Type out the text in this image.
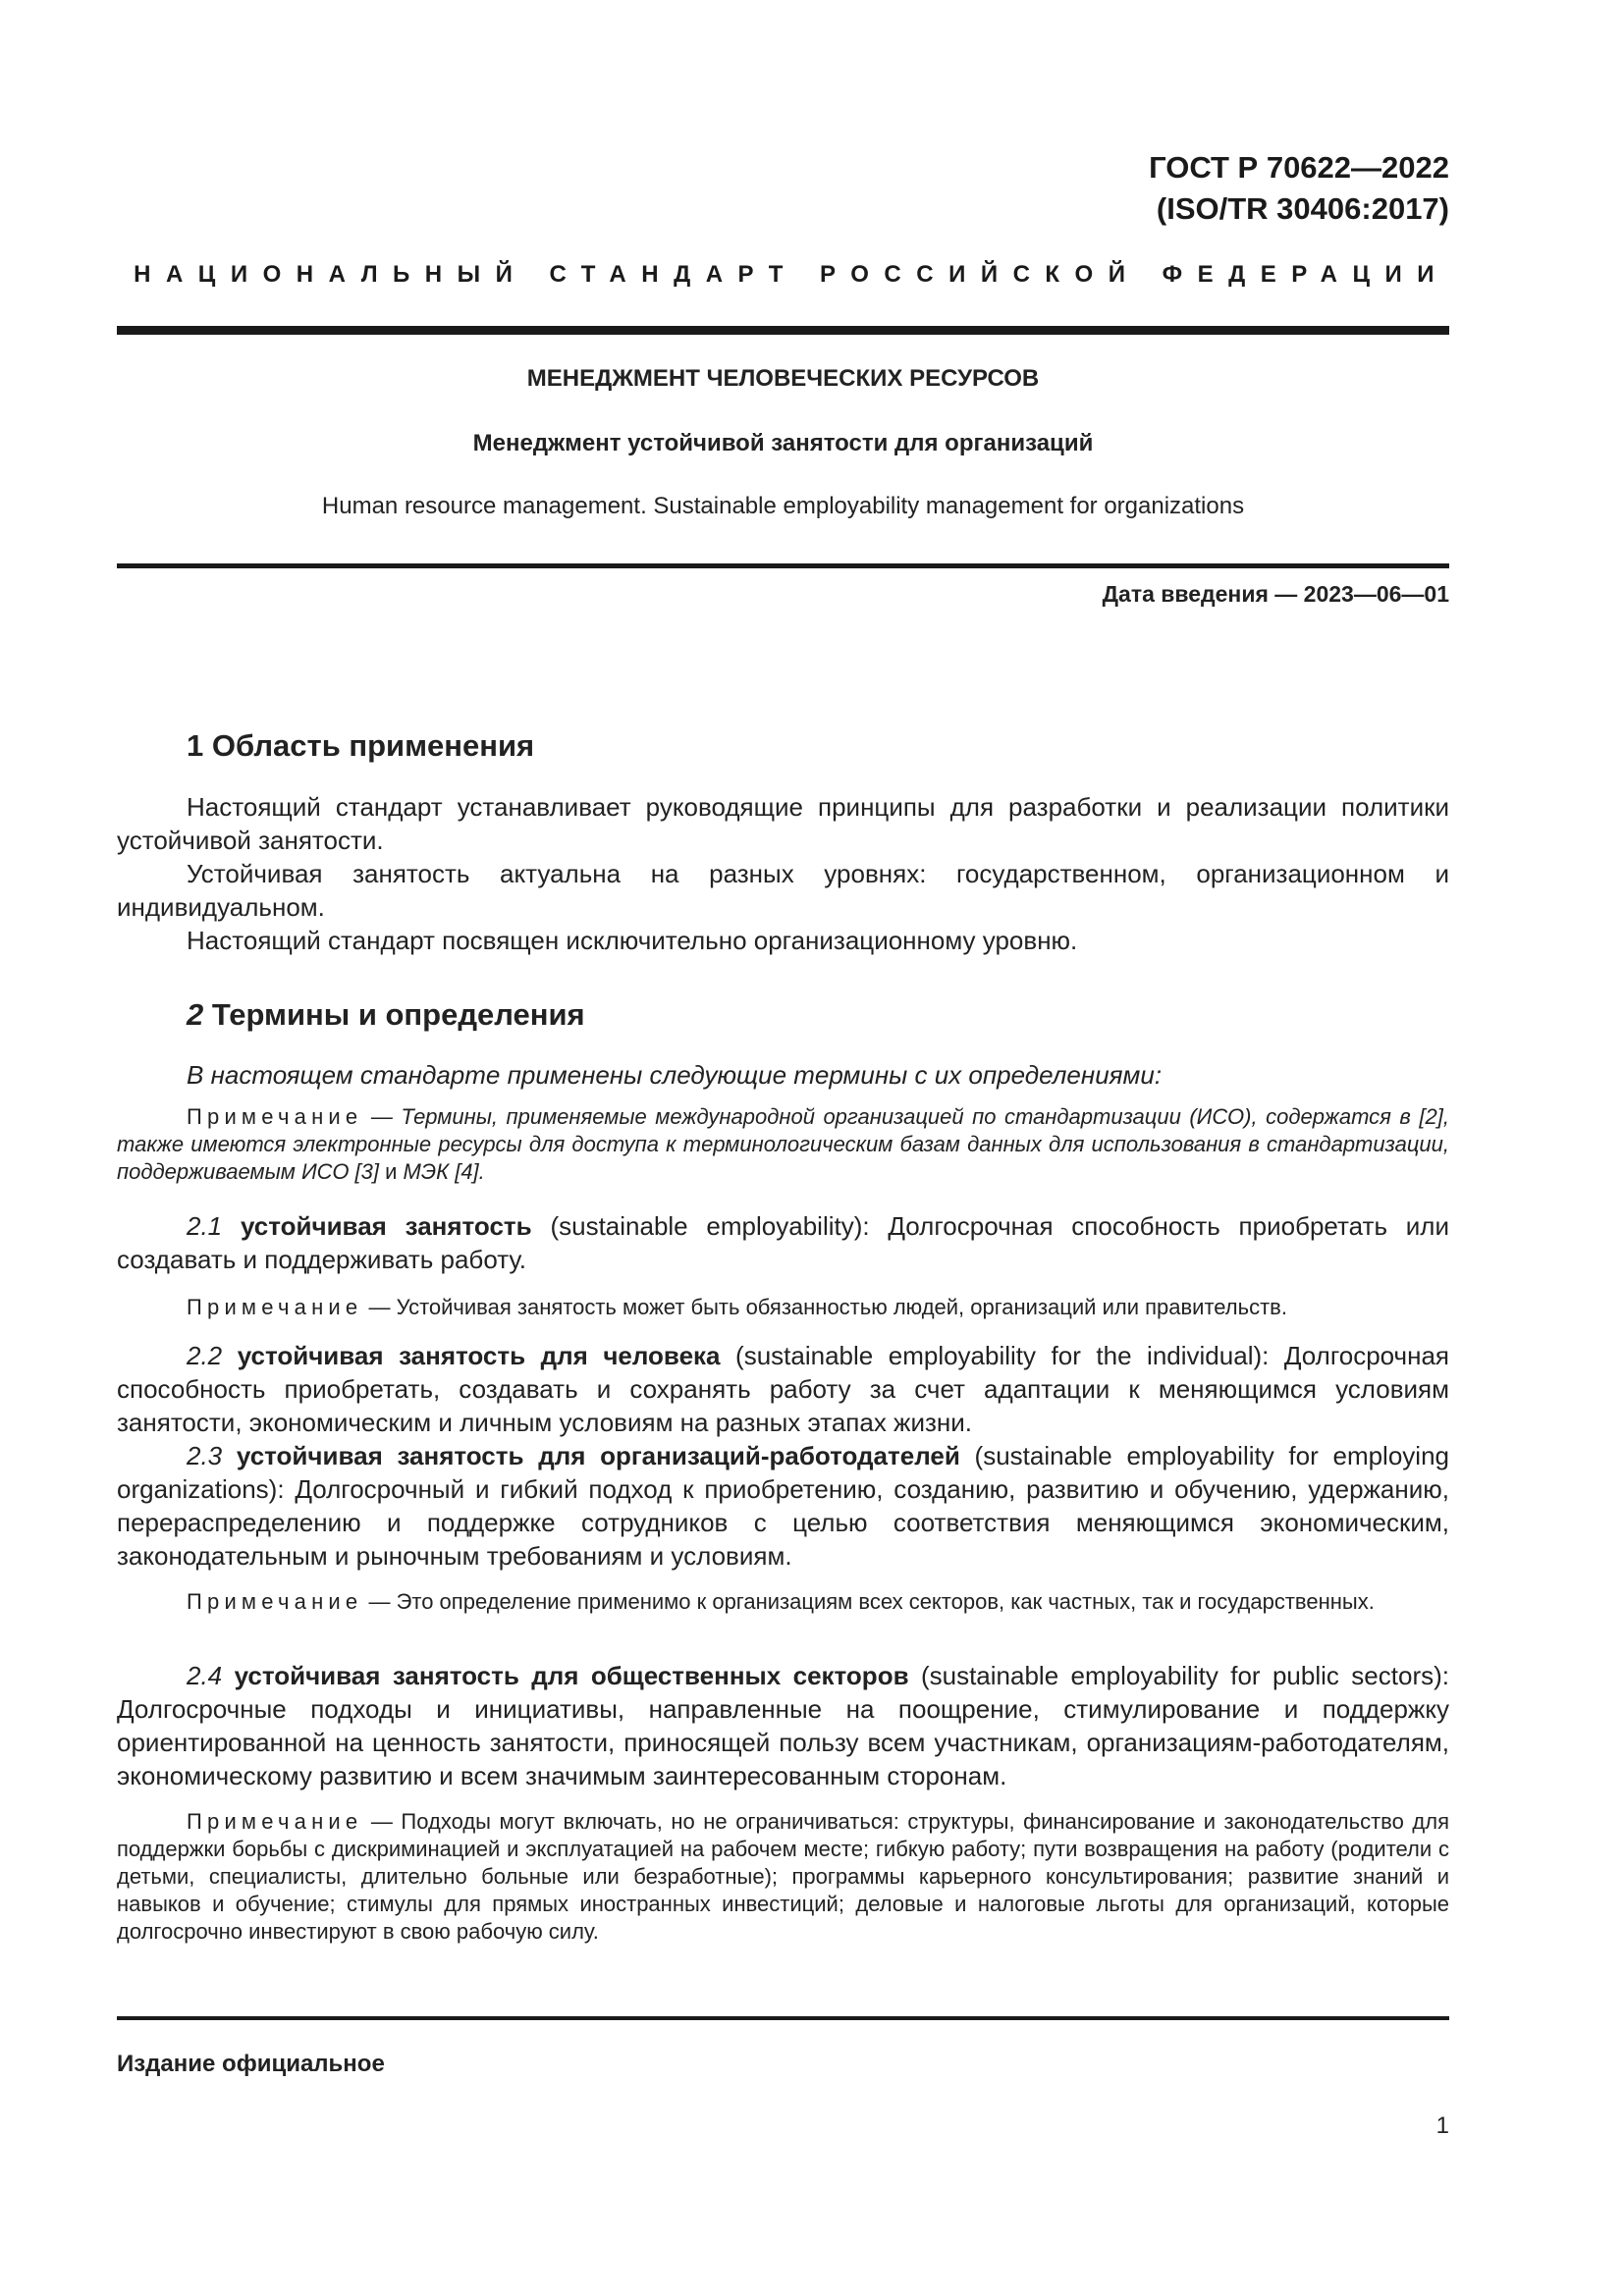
ГОСТ Р 70622—2022
(ISO/TR 30406:2017)
НАЦИОНАЛЬНЫЙ СТАНДАРТ РОССИЙСКОЙ ФЕДЕРАЦИИ
МЕНЕДЖМЕНТ ЧЕЛОВЕЧЕСКИХ РЕСУРСОВ
Менеджмент устойчивой занятости для организаций
Human resource management. Sustainable employability management for organizations
Дата введения — 2023—06—01
1 Область применения

Настоящий стандарт устанавливает руководящие принципы для разработки и реализации политики устойчивой занятости.

Устойчивая занятость актуальна на разных уровнях: государственном, организационном и индивидуальном.

Настоящий стандарт посвящен исключительно организационному уровню.

2 Термины и определения

В настоящем стандарте применены следующие термины с их определениями:

Примечание — Термины, применяемые международной организацией по стандартизации (ИСО), содержатся в [2], также имеются электронные ресурсы для доступа к терминологическим базам данных для использования в стандартизации, поддерживаемым ИСО [3] и МЭК [4].

2.1 устойчивая занятость (sustainable employability): Долгосрочная способность приобретать или создавать и поддерживать работу.

Примечание — Устойчивая занятость может быть обязанностью людей, организаций или правительств.

2.2 устойчивая занятость для человека (sustainable employability for the individual): Долгосрочная способность приобретать, создавать и сохранять работу за счет адаптации к меняющимся условиям занятости, экономическим и личным условиям на разных этапах жизни.

2.3 устойчивая занятость для организаций-работодателей (sustainable employability for employing organizations): Долгосрочный и гибкий подход к приобретению, созданию, развитию и обучению, удержанию, перераспределению и поддержке сотрудников с целью соответствия меняющимся экономическим, законодательным и рыночным требованиям и условиям.

Примечание — Это определение применимо к организациям всех секторов, как частных, так и государственных.

2.4 устойчивая занятость для общественных секторов (sustainable employability for public sectors): Долгосрочные подходы и инициативы, направленные на поощрение, стимулирование и поддержку ориентированной на ценность занятости, приносящей пользу всем участникам, организациям-работодателям, экономическому развитию и всем значимым заинтересованным сторонам.

Примечание — Подходы могут включать, но не ограничиваться: структуры, финансирование и законодательство для поддержки борьбы с дискриминацией и эксплуатацией на рабочем месте; гибкую работу; пути возвращения на работу (родители с детьми, специалисты, длительно больные или безработные); программы карьерного консультирования; развитие знаний и навыков и обучение; стимулы для прямых иностранных инвестиций; деловые и налоговые льготы для организаций, которые долгосрочно инвестируют в свою рабочую силу.

Издание официальное
1
